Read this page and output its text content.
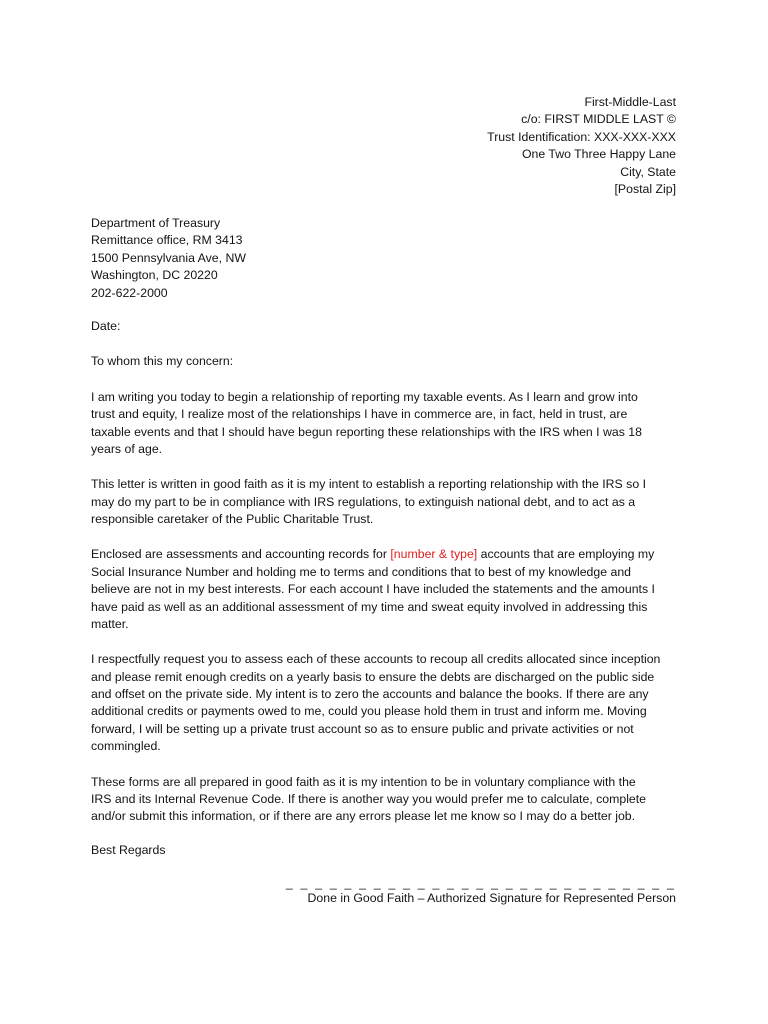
First-Middle-Last
c/o: FIRST MIDDLE LAST ©
Trust Identification: XXX-XXX-XXX
One Two Three Happy Lane
City, State
[Postal Zip]
Department of Treasury
Remittance office, RM 3413
1500 Pennsylvania Ave, NW
Washington, DC 20220
202-622-2000
Date:
To whom this my concern:

I am writing you today to begin a relationship of reporting my taxable events. As I learn and grow into
trust and equity, I realize most of the relationships I have in commerce are, in fact, held in trust, are
taxable events and that I should have begun reporting these relationships with the IRS when I was 18
years of age.

This letter is written in good faith as it is my intent to establish a reporting relationship with the IRS so I
may do my part to be in compliance with IRS regulations, to extinguish national debt, and to act as a
responsible caretaker of the Public Charitable Trust.

Enclosed are assessments and accounting records for [number & type] accounts that are employing my
Social Insurance Number and holding me to terms and conditions that to best of my knowledge and
believe are not in my best interests. For each account I have included the statements and the amounts I
have paid as well as an additional assessment of my time and sweat equity involved in addressing this
matter.

I respectfully request you to assess each of these accounts to recoup all credits allocated since inception
and please remit enough credits on a yearly basis to ensure the debts are discharged on the public side
and offset on the private side. My intent is to zero the accounts and balance the books. If there are any
additional credits or payments owed to me, could you please hold them in trust and inform me. Moving
forward, I will be setting up a private trust account so as to ensure public and private activities or not
commingled.

These forms are all prepared in good faith as it is my intention to be in voluntary compliance with the
IRS and its Internal Revenue Code. If there is another way you would prefer me to calculate, complete
and/or submit this information, or if there are any errors please let me know so I may do a better job.

Best Regards
_ _ _ _ _ _ _ _ _ _ _ _ _ _ _ _ _ _ _ _ _ _ _ _ _ _ _
Done in Good Faith – Authorized Signature for Represented Person
